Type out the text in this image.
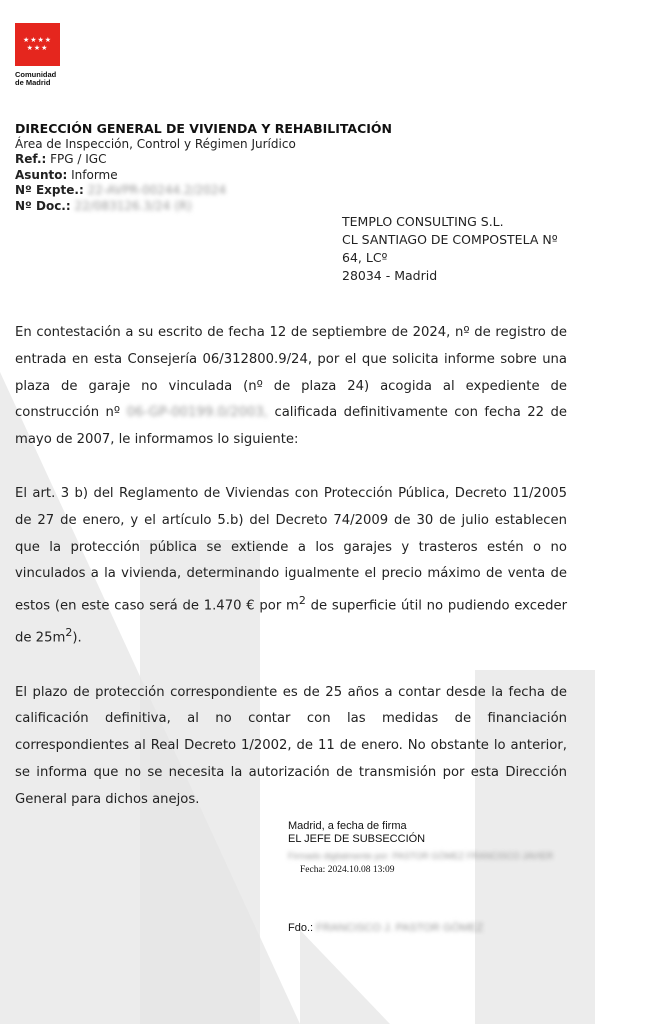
★★★★
★★★
Comunidad
de Madrid
DIRECCIÓN GENERAL DE VIVIENDA Y REHABILITACIÓN
Área de Inspección, Control y Régimen Jurídico
Ref.: FPG / IGC
Asunto: Informe
Nº Expte.: 22-AVPR-00244.2/2024
Nº Doc.: 22/083126.3/24 (R)
TEMPLO CONSULTING S.L.
CL SANTIAGO DE COMPOSTELA Nº
64, LCº
28034 - Madrid

En contestación a su escrito de fecha 12 de septiembre de 2024, nº de registro de entrada en esta Consejería 06/312800.9/24, por el que solicita informe sobre una plaza de garaje no vinculada (nº de plaza 24) acogida al expediente de construcción nº 06-GP-00199.0/2003, calificada definitivamente con fecha 22 de mayo de 2007, le informamos lo siguiente:

El art. 3 b) del Reglamento de Viviendas con Protección Pública, Decreto 11/2005 de 27 de enero, y el artículo 5.b) del Decreto 74/2009 de 30 de julio establecen que la protección pública se extiende a los garajes y trasteros estén o no vinculados a la vivienda, determinando igualmente el precio máximo de venta de estos (en este caso será de 1.470 € por $m^2$ de superficie útil no pudiendo exceder de $25m^2$).

El plazo de protección correspondiente es de 25 años a contar desde la fecha de calificación definitiva, al no contar con las medidas de financiación correspondientes al Real Decreto 1/2002, de 11 de enero. No obstante lo anterior, se informa que no se necesita la autorización de transmisión por esta Dirección General para dichos anejos.

Madrid, a fecha de firma
EL JEFE DE SUBSECCIÓN
Firmado digitalmente por: PASTOR GÓMEZ FRANCISCO JAVIER
Fecha: 2024.10.08 13:09
Fdo.: FRANCISCO J. PASTOR GÓMEZ
